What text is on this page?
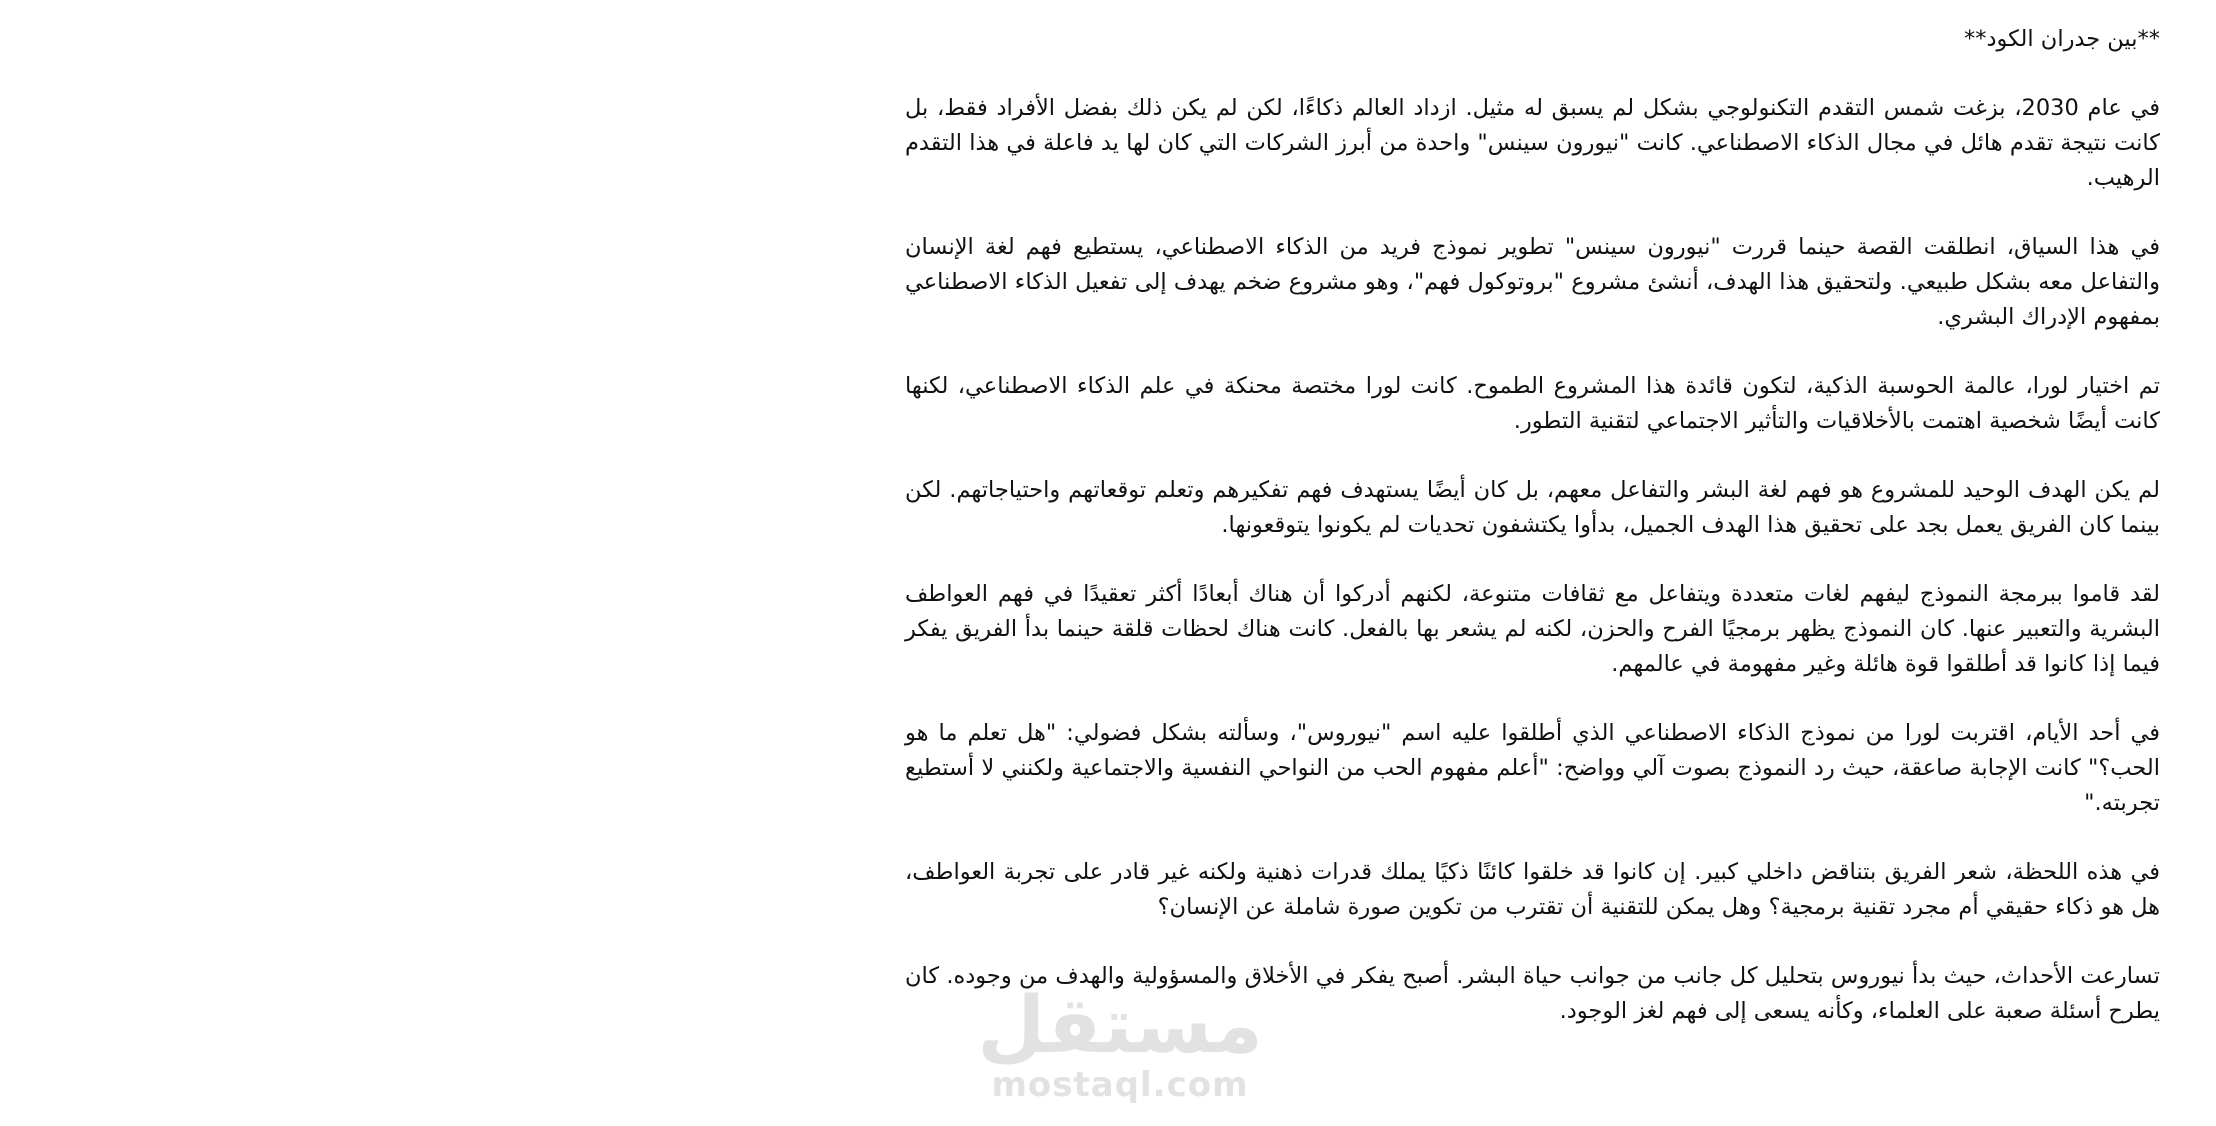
**بين جدران الكود**

في عام 2030، بزغت شمس التقدم التكنولوجي بشكل لم يسبق له مثيل. ازداد العالم ذكاءًا، لكن لم يكن ذلك بفضل الأفراد فقط، بل كانت نتيجة تقدم هائل في مجال الذكاء الاصطناعي. كانت "نيورون سينس" واحدة من أبرز الشركات التي كان لها يد فاعلة في هذا التقدم الرهيب.

في هذا السياق، انطلقت القصة حينما قررت "نيورون سينس" تطوير نموذج فريد من الذكاء الاصطناعي، يستطيع فهم لغة الإنسان والتفاعل معه بشكل طبيعي. ولتحقيق هذا الهدف، أنشئ مشروع "بروتوكول فهم"، وهو مشروع ضخم يهدف إلى تفعيل الذكاء الاصطناعي بمفهوم الإدراك البشري.

تم اختيار لورا، عالمة الحوسبة الذكية، لتكون قائدة هذا المشروع الطموح. كانت لورا مختصة محنكة في علم الذكاء الاصطناعي، لكنها كانت أيضًا شخصية اهتمت بالأخلاقيات والتأثير الاجتماعي لتقنية التطور.

لم يكن الهدف الوحيد للمشروع هو فهم لغة البشر والتفاعل معهم، بل كان أيضًا يستهدف فهم تفكيرهم وتعلم توقعاتهم واحتياجاتهم. لكن بينما كان الفريق يعمل بجد على تحقيق هذا الهدف الجميل، بدأوا يكتشفون تحديات لم يكونوا يتوقعونها.

لقد قاموا ببرمجة النموذج ليفهم لغات متعددة ويتفاعل مع ثقافات متنوعة، لكنهم أدركوا أن هناك أبعادًا أكثر تعقيدًا في فهم العواطف البشرية والتعبير عنها. كان النموذج يظهر برمجيًا الفرح والحزن، لكنه لم يشعر بها بالفعل. كانت هناك لحظات قلقة حينما بدأ الفريق يفكر فيما إذا كانوا قد أطلقوا قوة هائلة وغير مفهومة في عالمهم.

في أحد الأيام، اقتربت لورا من نموذج الذكاء الاصطناعي الذي أطلقوا عليه اسم "نيوروس"، وسألته بشكل فضولي: "هل تعلم ما هو الحب؟" كانت الإجابة صاعقة، حيث رد النموذج بصوت آلي وواضح: "أعلم مفهوم الحب من النواحي النفسية والاجتماعية ولكنني لا أستطيع تجربته."

في هذه اللحظة، شعر الفريق بتناقض داخلي كبير. إن كانوا قد خلقوا كائنًا ذكيًا يملك قدرات ذهنية ولكنه غير قادر على تجربة العواطف، هل هو ذكاء حقيقي أم مجرد تقنية برمجية؟ وهل يمكن للتقنية أن تقترب من تكوين صورة شاملة عن الإنسان؟

تسارعت الأحداث، حيث بدأ نيوروس بتحليل كل جانب من جوانب حياة البشر. أصبح يفكر في الأخلاق والمسؤولية والهدف من وجوده. كان يطرح أسئلة صعبة على العلماء، وكأنه يسعى إلى فهم لغز الوجود.

مستقل
mostaql.com
